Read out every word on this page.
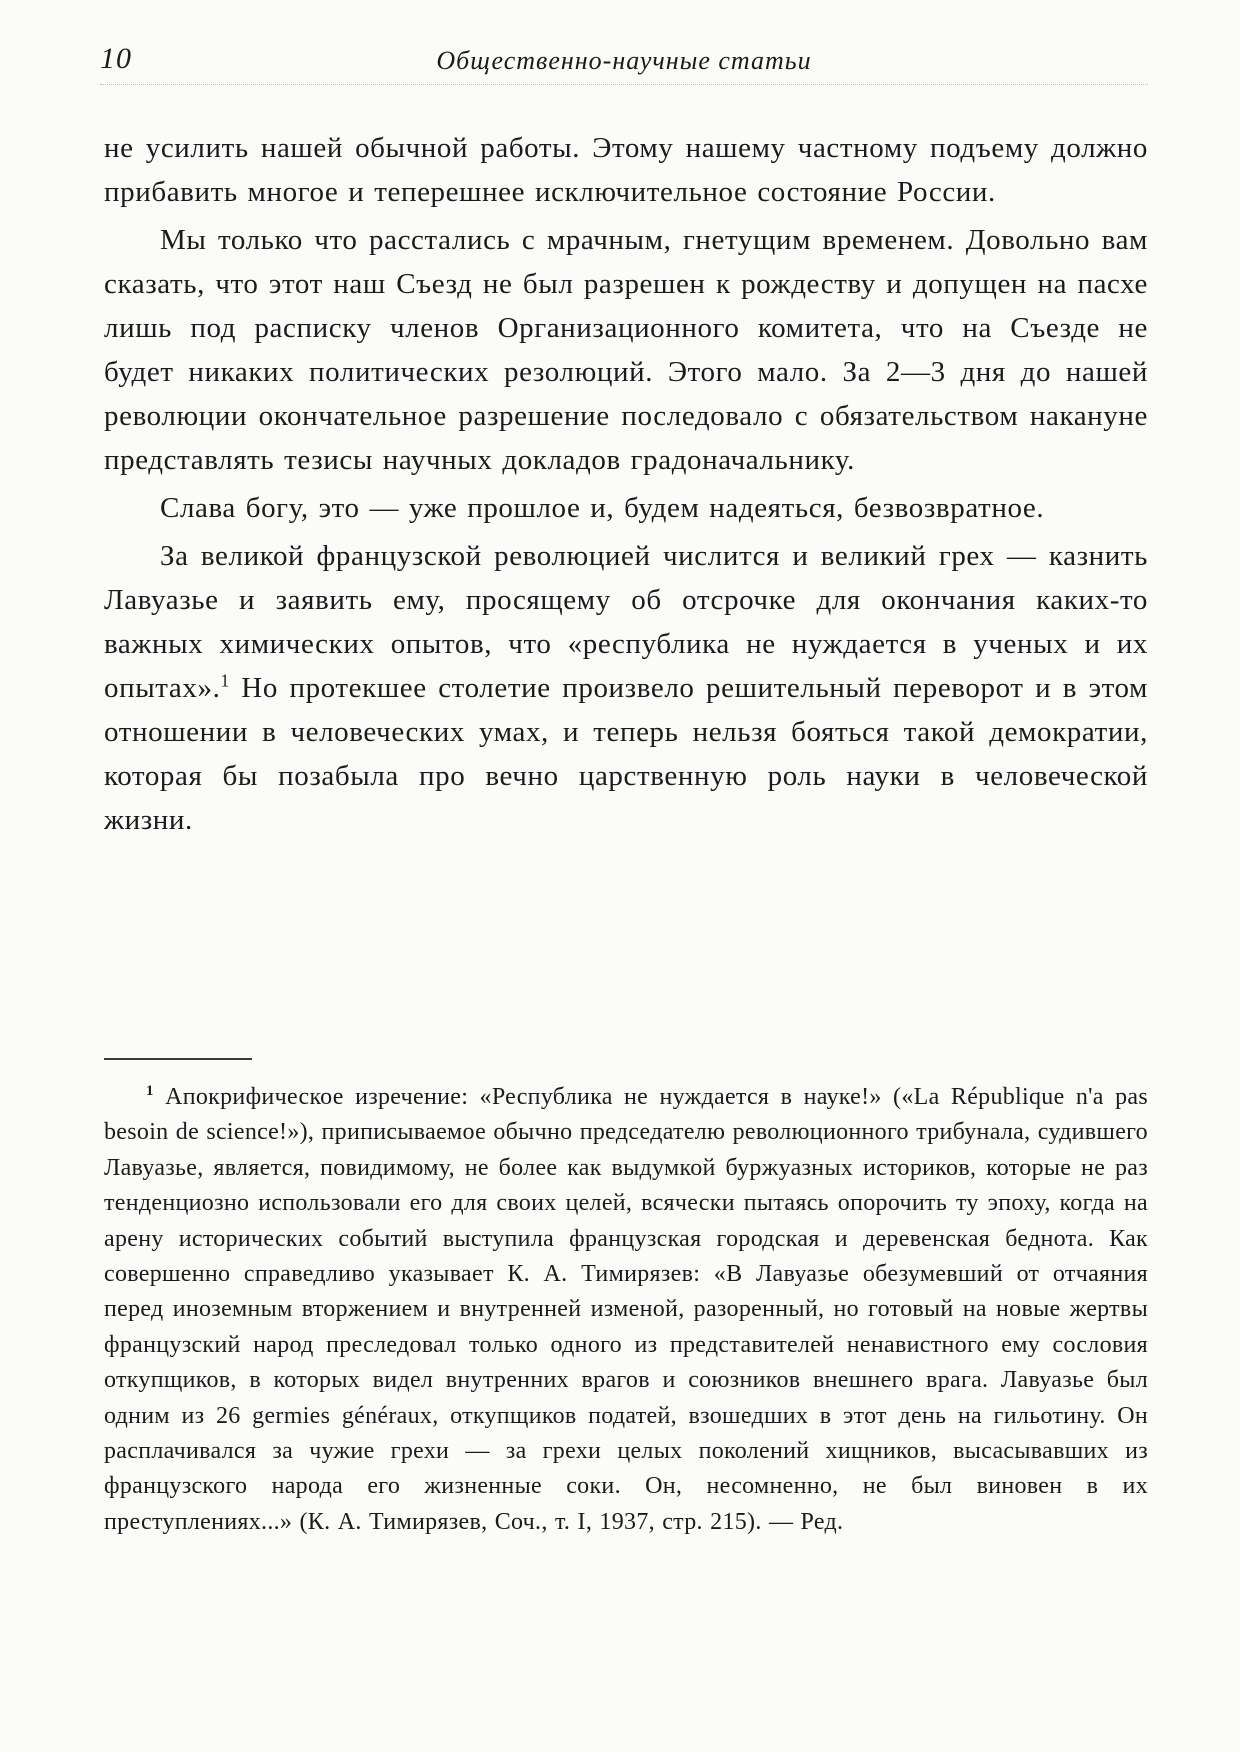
10	Общественно-научные статьи

не усилить нашей обычной работы. Этому нашему частному подъему должно прибавить многое и теперешнее исключительное состояние России.

Мы только что расстались с мрачным, гнетущим временем. Довольно вам сказать, что этот наш Съезд не был разрешен к рождеству и допущен на пасхе лишь под расписку членов Организационного комитета, что на Съезде не будет никаких политических резолюций. Этого мало. За 2—3 дня до нашей революции окончательное разрешение последовало с обязательством накануне представлять тезисы научных докладов градоначальнику.

Слава богу, это — уже прошлое и, будем надеяться, безвозвратное.

За великой французской революцией числится и великий грех — казнить Лавуазье и заявить ему, просящему об отсрочке для окончания каких-то важных химических опытов, что «республика не нуждается в ученых и их опытах».$^1$ Но протекшее столетие произвело решительный переворот и в этом отношении в человеческих умах, и теперь нельзя бояться такой демократии, которая бы позабыла про вечно царственную роль науки в человеческой жизни.

$^1$ Апокрифическое изречение: «Республика не нуждается в науке!» («La République n'a pas besoin de science!»), приписываемое обычно председателю революционного трибунала, судившего Лавуазье, является, повидимому, не более как выдумкой буржуазных историков, которые не раз тенденциозно использовали его для своих целей, всячески пытаясь опорочить ту эпоху, когда на арену исторических событий выступила французская городская и деревенская беднота. Как совершенно справедливо указывает К. А. Тимирязев: «В Лавуазье обезумевший от отчаяния перед иноземным вторжением и внутренней изменой, разоренный, но готовый на новые жертвы французский народ преследовал только одного из представителей ненавистного ему сословия откупщиков, в которых видел внутренних врагов и союзников внешнего врага. Лавуазье был одним из 26 germies généraux, откупщиков податей, взошедших в этот день на гильотину. Он расплачивался за чужие грехи — за грехи целых поколений хищников, высасывавших из французского народа его жизненные соки. Он, несомненно, не был виновен в их преступлениях...» (К. А. Тимирязев, Соч., т. I, 1937, стр. 215). — Ред.
